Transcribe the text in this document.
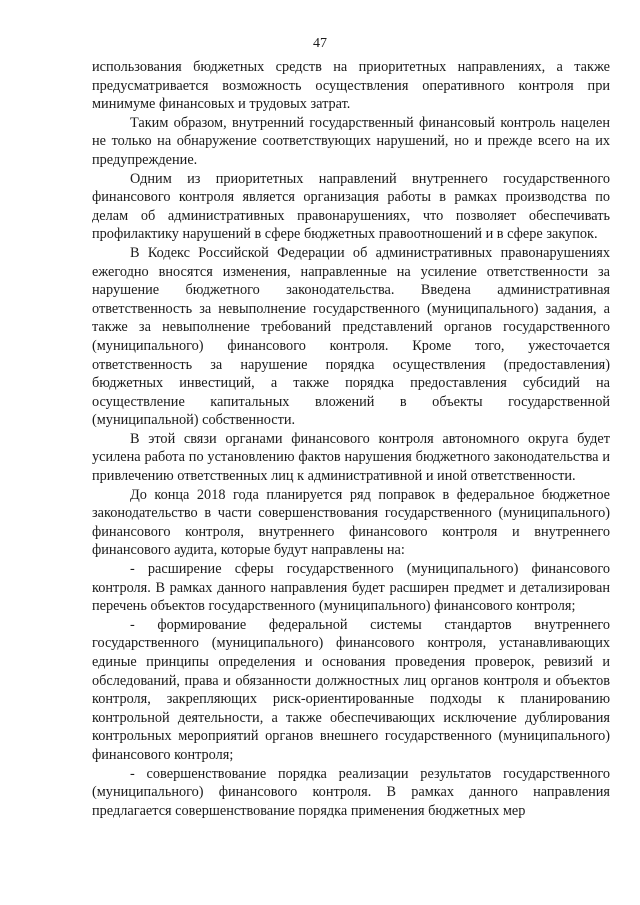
47

использования бюджетных средств на приоритетных направлениях, а также предусматривается возможность осуществления оперативного контроля при минимуме финансовых и трудовых затрат.

Таким образом, внутренний государственный финансовый контроль нацелен не только на обнаружение соответствующих нарушений, но и прежде всего на их предупреждение.

Одним из приоритетных направлений внутреннего государственного финансового контроля является организация работы в рамках производства по делам об административных правонарушениях, что позволяет обеспечивать профилактику нарушений в сфере бюджетных правоотношений и в сфере закупок.

В Кодекс Российской Федерации об административных правонарушениях ежегодно вносятся изменения, направленные на усиление ответственности за нарушение бюджетного законодательства. Введена административная ответственность за невыполнение государственного (муниципального) задания, а также за невыполнение требований представлений органов государственного (муниципального) финансового контроля. Кроме того, ужесточается ответственность за нарушение порядка осуществления (предоставления) бюджетных инвестиций, а также порядка предоставления субсидий на осуществление капитальных вложений в объекты государственной (муниципальной) собственности.

В этой связи органами финансового контроля автономного округа будет усилена работа по установлению фактов нарушения бюджетного законодательства и привлечению ответственных лиц к административной и иной ответственности.

До конца 2018 года планируется ряд поправок в федеральное бюджетное законодательство в части совершенствования государственного (муниципального) финансового контроля, внутреннего финансового контроля и внутреннего финансового аудита, которые будут направлены на:

- расширение сферы государственного (муниципального) финансового контроля. В рамках данного направления будет расширен предмет и детализирован перечень объектов государственного (муниципального) финансового контроля;

- формирование федеральной системы стандартов внутреннего государственного (муниципального) финансового контроля, устанавливающих единые принципы определения и основания проведения проверок, ревизий и обследований, права и обязанности должностных лиц органов контроля и объектов контроля, закрепляющих риск-ориентированные подходы к планированию контрольной деятельности, а также обеспечивающих исключение дублирования контрольных мероприятий органов внешнего государственного (муниципального) финансового контроля;

- совершенствование порядка реализации результатов государственного (муниципального) финансового контроля. В рамках данного направления предлагается совершенствование порядка применения бюджетных мер
